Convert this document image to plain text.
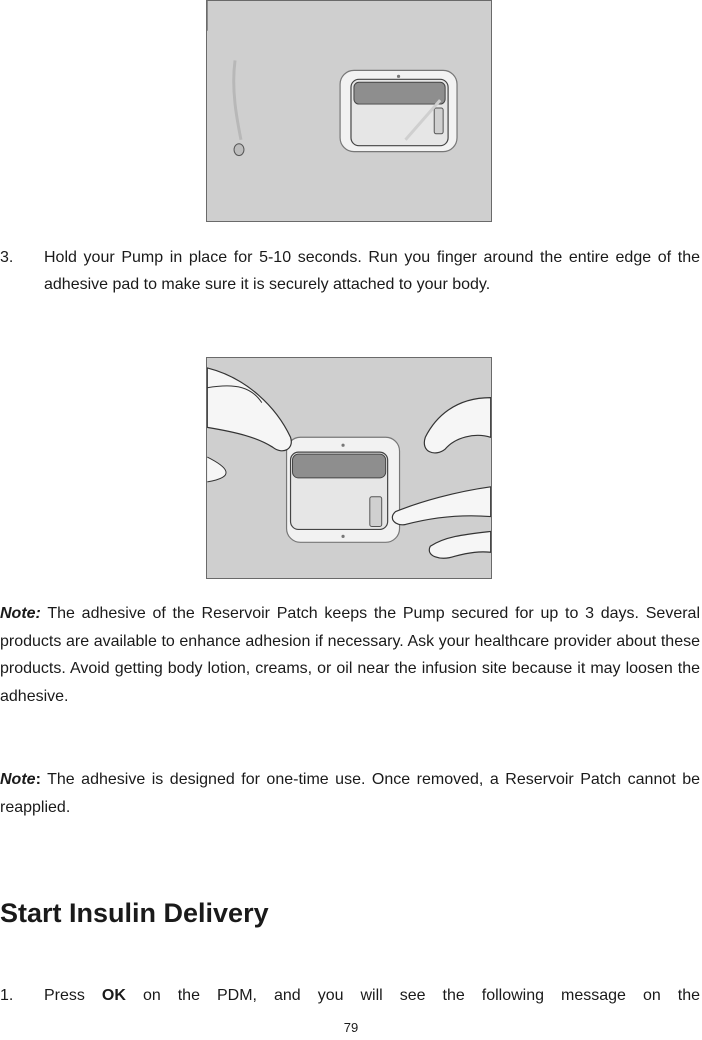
3. Hold your Pump in place for 5-10 seconds. Run you finger around the entire edge of the adhesive pad to make sure it is securely attached to your body.

Note: The adhesive of the Reservoir Patch keeps the Pump secured for up to 3 days. Several products are available to enhance adhesion if necessary. Ask your healthcare provider about these products. Avoid getting body lotion, creams, or oil near the infusion site because it may loosen the adhesive.

Note: The adhesive is designed for one-time use. Once removed, a Reservoir Patch cannot be reapplied.

Start Insulin Delivery
1. Press OK on the PDM, and you will see the following message on the
79
